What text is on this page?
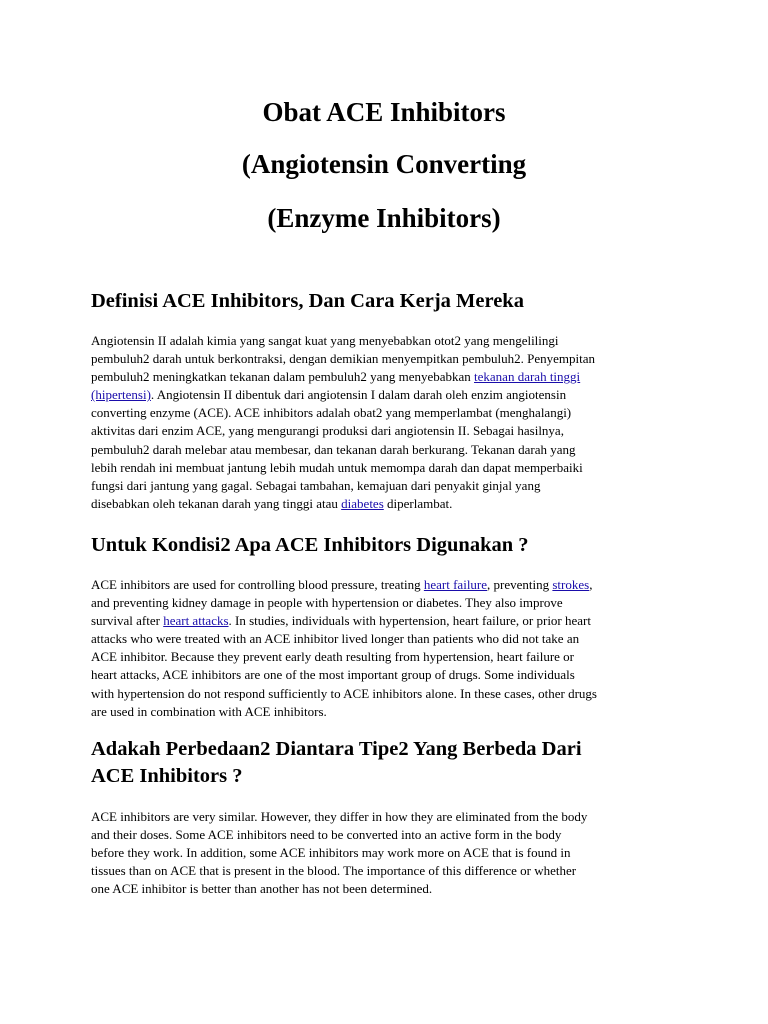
Obat ACE Inhibitors
(Angiotensin Converting
(Enzyme Inhibitors)
Definisi ACE Inhibitors, Dan Cara Kerja Mereka
Angiotensin II adalah kimia yang sangat kuat yang menyebabkan otot2 yang mengelilingi
pembuluh2 darah untuk berkontraksi, dengan demikian menyempitkan pembuluh2. Penyempitan
pembuluh2 meningkatkan tekanan dalam pembuluh2 yang menyebabkan tekanan darah tinggi
(hipertensi). Angiotensin II dibentuk dari angiotensin I dalam darah oleh enzim angiotensin
converting enzyme (ACE). ACE inhibitors adalah obat2 yang memperlambat (menghalangi)
aktivitas dari enzim ACE, yang mengurangi produksi dari angiotensin II. Sebagai hasilnya,
pembuluh2 darah melebar atau membesar, dan tekanan darah berkurang. Tekanan darah yang
lebih rendah ini membuat jantung lebih mudah untuk memompa darah dan dapat memperbaiki
fungsi dari jantung yang gagal. Sebagai tambahan, kemajuan dari penyakit ginjal yang
disebabkan oleh tekanan darah yang tinggi atau diabetes diperlambat.
Untuk Kondisi2 Apa ACE Inhibitors Digunakan ?
ACE inhibitors are used for controlling blood pressure, treating heart failure, preventing strokes,
and preventing kidney damage in people with hypertension or diabetes. They also improve
survival after heart attacks. In studies, individuals with hypertension, heart failure, or prior heart
attacks who were treated with an ACE inhibitor lived longer than patients who did not take an
ACE inhibitor. Because they prevent early death resulting from hypertension, heart failure or
heart attacks, ACE inhibitors are one of the most important group of drugs. Some individuals
with hypertension do not respond sufficiently to ACE inhibitors alone. In these cases, other drugs
are used in combination with ACE inhibitors.
Adakah Perbedaan2 Diantara Tipe2 Yang Berbeda Dari
ACE Inhibitors ?
ACE inhibitors are very similar. However, they differ in how they are eliminated from the body
and their doses. Some ACE inhibitors need to be converted into an active form in the body
before they work. In addition, some ACE inhibitors may work more on ACE that is found in
tissues than on ACE that is present in the blood. The importance of this difference or whether
one ACE inhibitor is better than another has not been determined.
